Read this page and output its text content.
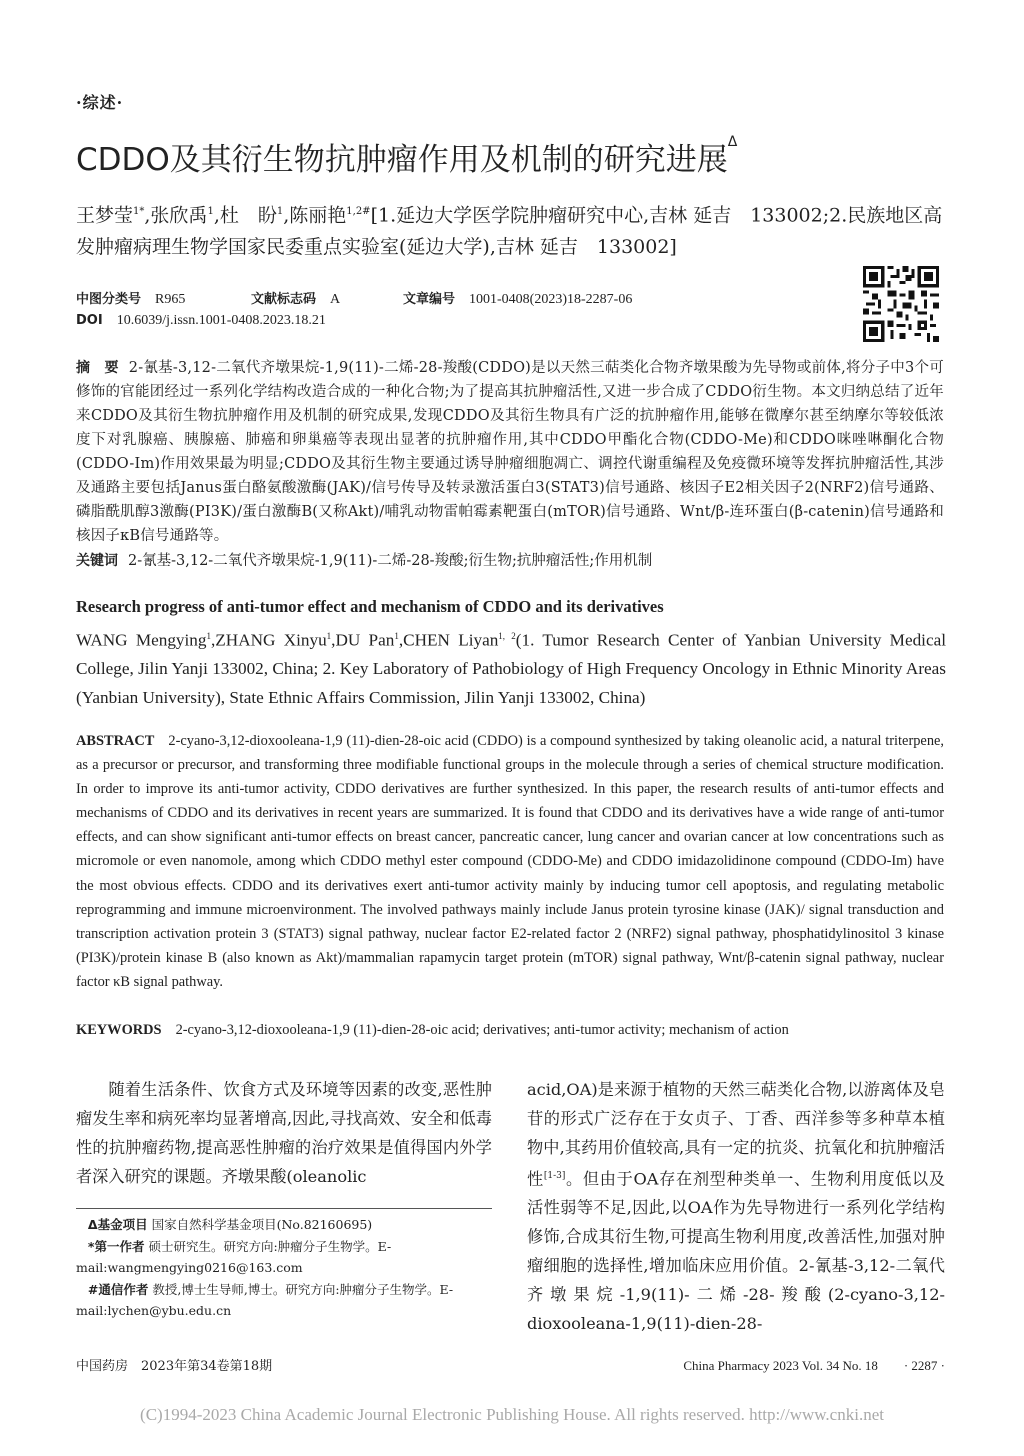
·综述·
CDDO及其衍生物抗肿瘤作用及机制的研究进展$^\Delta$
王梦莹$^{1*}$,张欣禹$^1$,杜　盼$^1$,陈丽艳$^{1,2\#}$[1.延边大学医学院肿瘤研究中心,吉林 延吉　133002;2.民族地区高发肿瘤病理生物学国家民委重点实验室(延边大学),吉林 延吉　133002]
中图分类号 R965	文献标志码 A	文章编号 1001-0408(2023)18-2287-06
DOI 10.6039/j.issn.1001-0408.2023.18.21
摘　要 2-氰基-3,12-二氧代齐墩果烷-1,9(11)-二烯-28-羧酸(CDDO)是以天然三萜类化合物齐墩果酸为先导物或前体,将分子中3个可修饰的官能团经过一系列化学结构改造合成的一种化合物;为了提高其抗肿瘤活性,又进一步合成了CDDO衍生物。本文归纳总结了近年来CDDO及其衍生物抗肿瘤作用及机制的研究成果,发现CDDO及其衍生物具有广泛的抗肿瘤作用,能够在微摩尔甚至纳摩尔等较低浓度下对乳腺癌、胰腺癌、肺癌和卵巢癌等表现出显著的抗肿瘤作用,其中CDDO甲酯化合物(CDDO-Me)和CDDO咪唑啉酮化合物(CDDO-Im)作用效果最为明显;CDDO及其衍生物主要通过诱导肿瘤细胞凋亡、调控代谢重编程及免疫微环境等发挥抗肿瘤活性,其涉及通路主要包括Janus蛋白酪氨酸激酶(JAK)/信号传导及转录激活蛋白3(STAT3)信号通路、核因子E2相关因子2(NRF2)信号通路、磷脂酰肌醇3激酶(PI3K)/蛋白激酶B(又称Akt)/哺乳动物雷帕霉素靶蛋白(mTOR)信号通路、Wnt/β-连环蛋白(β-catenin)信号通路和核因子κB信号通路等。
关键词 2-氰基-3,12-二氧代齐墩果烷-1,9(11)-二烯-28-羧酸;衍生物;抗肿瘤活性;作用机制
Research progress of anti-tumor effect and mechanism of CDDO and its derivatives
WANG Mengying$^1$,ZHANG Xinyu$^1$,DU Pan$^1$,CHEN Liyan$^{1, 2}$(1. Tumor Research Center of Yanbian University Medical College, Jilin Yanji 133002, China; 2. Key Laboratory of Pathobiology of High Frequency Oncology in Ethnic Minority Areas (Yanbian University), State Ethnic Affairs Commission, Jilin Yanji 133002, China)
ABSTRACT 2-cyano-3,12-dioxooleana-1,9 (11)-dien-28-oic acid (CDDO) is a compound synthesized by taking oleanolic acid, a natural triterpene, as a precursor or precursor, and transforming three modifiable functional groups in the molecule through a series of chemical structure modification. In order to improve its anti-tumor activity, CDDO derivatives are further synthesized. In this paper, the research results of anti-tumor effects and mechanisms of CDDO and its derivatives in recent years are summarized. It is found that CDDO and its derivatives have a wide range of anti-tumor effects, and can show significant anti-tumor effects on breast cancer, pancreatic cancer, lung cancer and ovarian cancer at low concentrations such as micromole or even nanomole, among which CDDO methyl ester compound (CDDO-Me) and CDDO imidazolidinone compound (CDDO-Im) have the most obvious effects. CDDO and its derivatives exert anti-tumor activity mainly by inducing tumor cell apoptosis, and regulating metabolic reprogramming and immune microenvironment. The involved pathways mainly include Janus protein tyrosine kinase (JAK)/ signal transduction and transcription activation protein 3 (STAT3) signal pathway, nuclear factor E2-related factor 2 (NRF2) signal pathway, phosphatidylinositol 3 kinase (PI3K)/protein kinase B (also known as Akt)/mammalian rapamycin target protein (mTOR) signal pathway, Wnt/β-catenin signal pathway, nuclear factor κB signal pathway.
KEYWORDS 2-cyano-3,12-dioxooleana-1,9 (11)-dien-28-oic acid; derivatives; anti-tumor activity; mechanism of action

随着生活条件、饮食方式及环境等因素的改变,恶性肿瘤发生率和病死率均显著增高,因此,寻找高效、安全和低毒性的抗肿瘤药物,提高恶性肿瘤的治疗效果是值得国内外学者深入研究的课题。齐墩果酸(oleanolic

Δ基金项目 国家自然科学基金项目(No.82160695)

*第一作者 硕士研究生。研究方向:肿瘤分子生物学。E-mail:wangmengying0216@163.com

#通信作者 教授,博士生导师,博士。研究方向:肿瘤分子生物学。E-mail:lychen@ybu.edu.cn

acid,OA)是来源于植物的天然三萜类化合物,以游离体及皂苷的形式广泛存在于女贞子、丁香、西洋参等多种草本植物中,其药用价值较高,具有一定的抗炎、抗氧化和抗肿瘤活性[1-3]。但由于OA存在剂型种类单一、生物利用度低以及活性弱等不足,因此,以OA作为先导物进行一系列化学结构修饰,合成其衍生物,可提高生物利用度,改善活性,加强对肿瘤细胞的选择性,增加临床应用价值。2-氰基-3,12-二氧代齐墩果烷-1,9(11)-二烯-28-羧酸(2-cyano-3,12-dioxooleana-1,9(11)-dien-28-

中国药房　2023年第34卷第18期	China Pharmacy 2023 Vol. 34 No. 18　　· 2287 ·
(C)1994-2023 China Academic Journal Electronic Publishing House. All rights reserved. http://www.cnki.net
